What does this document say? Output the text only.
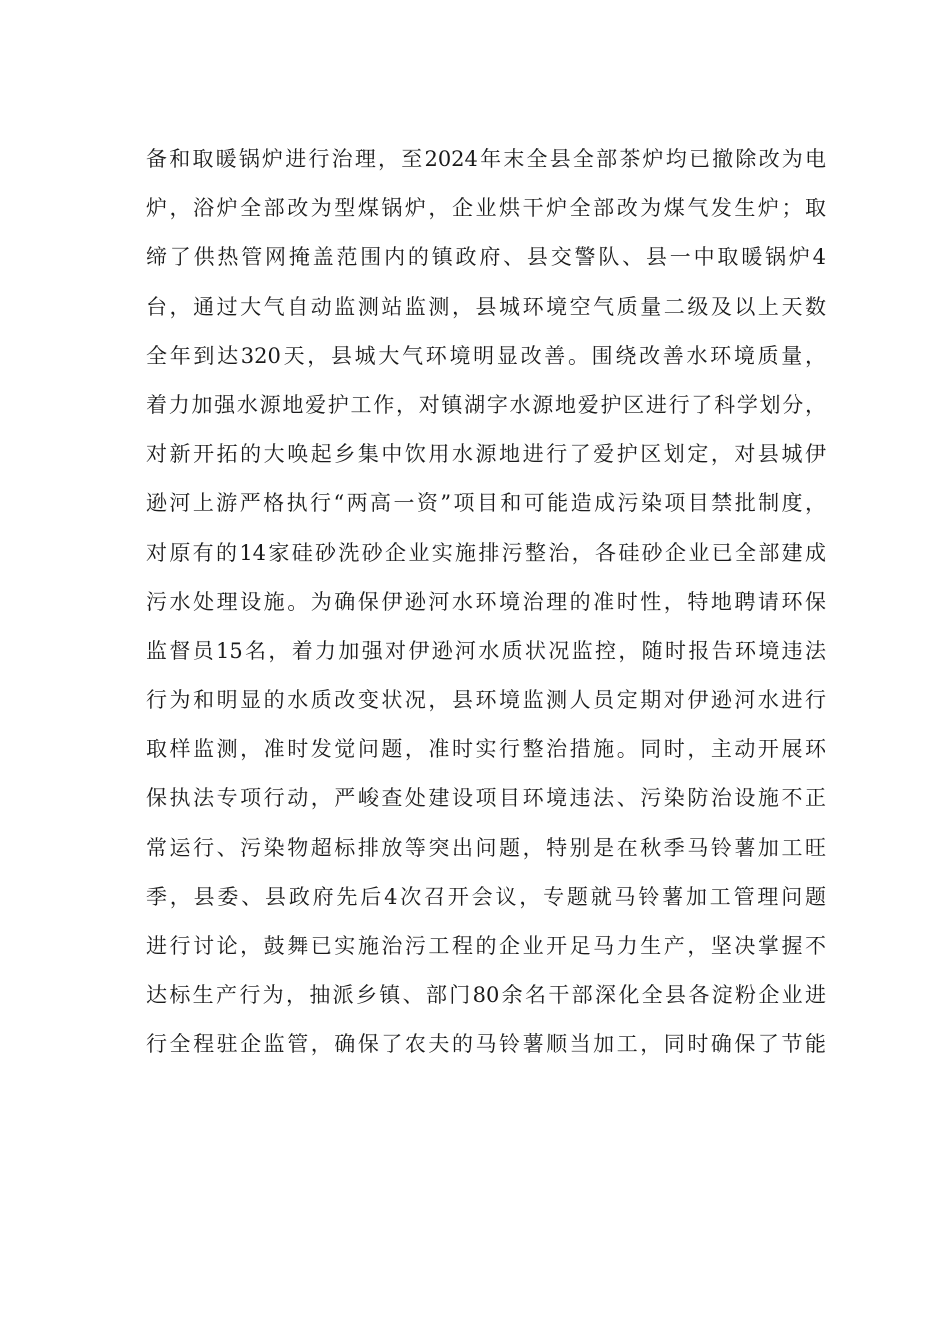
备和取暖锅炉进行治理，至2024年末全县全部茶炉均已撤除改为电
炉，浴炉全部改为型煤锅炉，企业烘干炉全部改为煤气发生炉；取
缔了供热管网掩盖范围内的镇政府、县交警队、县一中取暖锅炉4
台，通过大气自动监测站监测，县城环境空气质量二级及以上天数
全年到达320天，县城大气环境明显改善。围绕改善水环境质量，
着力加强水源地爱护工作，对镇湖字水源地爱护区进行了科学划分，
对新开拓的大唤起乡集中饮用水源地进行了爱护区划定，对县城伊
逊河上游严格执行“两高一资”项目和可能造成污染项目禁批制度，
对原有的14家硅砂洗砂企业实施排污整治，各硅砂企业已全部建成
污水处理设施。为确保伊逊河水环境治理的准时性，特地聘请环保
监督员15名，着力加强对伊逊河水质状况监控，随时报告环境违法
行为和明显的水质改变状况，县环境监测人员定期对伊逊河水进行
取样监测，准时发觉问题，准时实行整治措施。同时，主动开展环
保执法专项行动，严峻查处建设项目环境违法、污染防治设施不正
常运行、污染物超标排放等突出问题，特别是在秋季马铃薯加工旺
季，县委、县政府先后4次召开会议，专题就马铃薯加工管理问题
进行讨论，鼓舞已实施治污工程的企业开足马力生产，坚决掌握不
达标生产行为，抽派乡镇、部门80余名干部深化全县各淀粉企业进
行全程驻企监管，确保了农夫的马铃薯顺当加工，同时确保了节能
